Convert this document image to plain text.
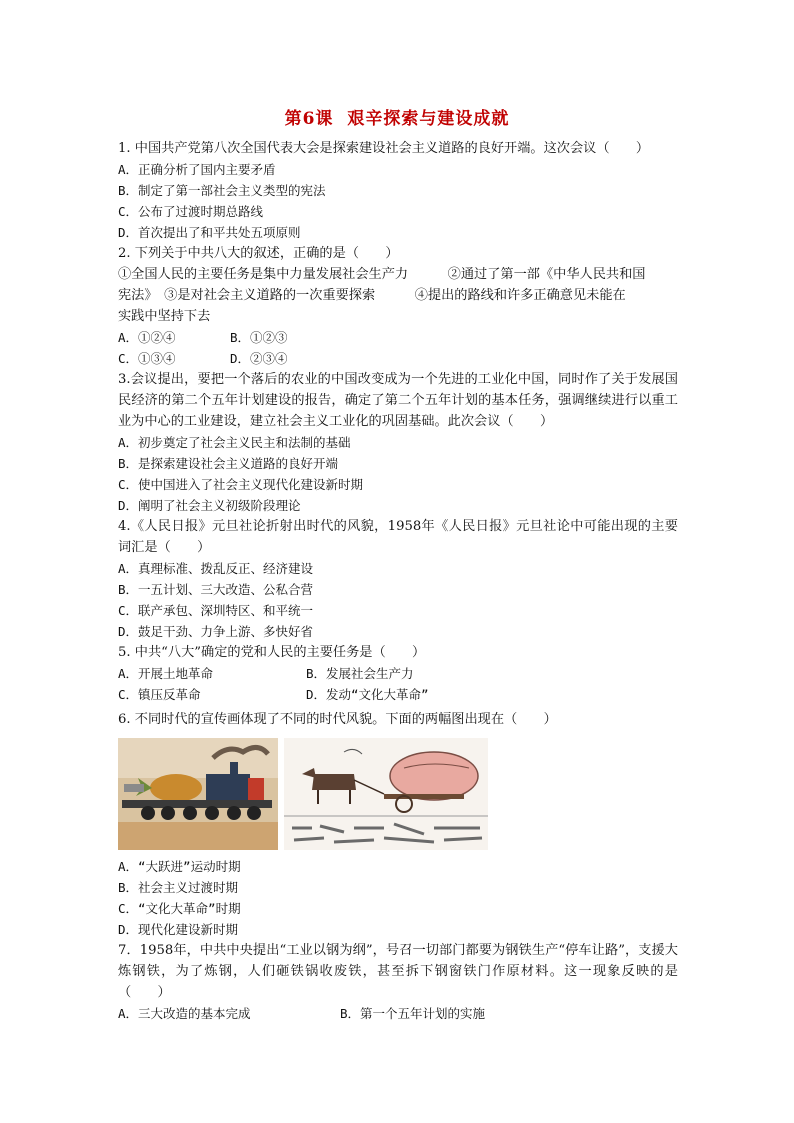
第6课 艰辛探索与建设成就
1. 中国共产党第八次全国代表大会是探索建设社会主义道路的良好开端。这次会议（　　）
A．正确分析了国内主要矛盾
B．制定了第一部社会主义类型的宪法
C．公布了过渡时期总路线
D．首次提出了和平共处五项原则
2. 下列关于中共八大的叙述，正确的是（　　）
①全国人民的主要任务是集中力量发展社会生产力　　　②通过了第一部《中华人民共和国
宪法》　③是对社会主义道路的一次重要探索　　　④提出的路线和许多正确意见未能在
实践中坚持下去
A．①②④	B．①②③
C．①③④	D．②③④
3.会议提出，要把一个落后的农业的中国改变成为一个先进的工业化中国，同时作了关于发展国民经济的第二个五年计划建设的报告，确定了第二个五年计划的基本任务，强调继续进行以重工业为中心的工业建设，建立社会主义工业化的巩固基础。此次会议（　　）
A．初步奠定了社会主义民主和法制的基础
B．是探索建设社会主义道路的良好开端
C．使中国进入了社会主义现代化建设新时期
D．阐明了社会主义初级阶段理论
4.《人民日报》元旦社论折射出时代的风貌，1958年《人民日报》元旦社论中可能出现的主要词汇是（　　）
A．真理标准、拨乱反正、经济建设
B．一五计划、三大改造、公私合营
C．联产承包、深圳特区、和平统一
D．鼓足干劲、力争上游、多快好省
5. 中共“八大”确定的党和人民的主要任务是（　　）
A．开展土地革命	B．发展社会生产力
C．镇压反革命	D．发动“文化大革命”
6. 不同时代的宣传画体现了不同的时代风貌。下面的两幅图出现在（　　）
A．“大跃进”运动时期
B．社会主义过渡时期
C．“文化大革命”时期
D．现代化建设新时期
7．1958年，中共中央提出“工业以钢为纲”，号召一切部门都要为钢铁生产“停车让路”，支援大炼钢铁，为了炼钢，人们砸铁锅收废铁，甚至拆下钢窗铁门作原材料。这一现象反映的是（　　）
A．三大改造的基本完成	B．第一个五年计划的实施
